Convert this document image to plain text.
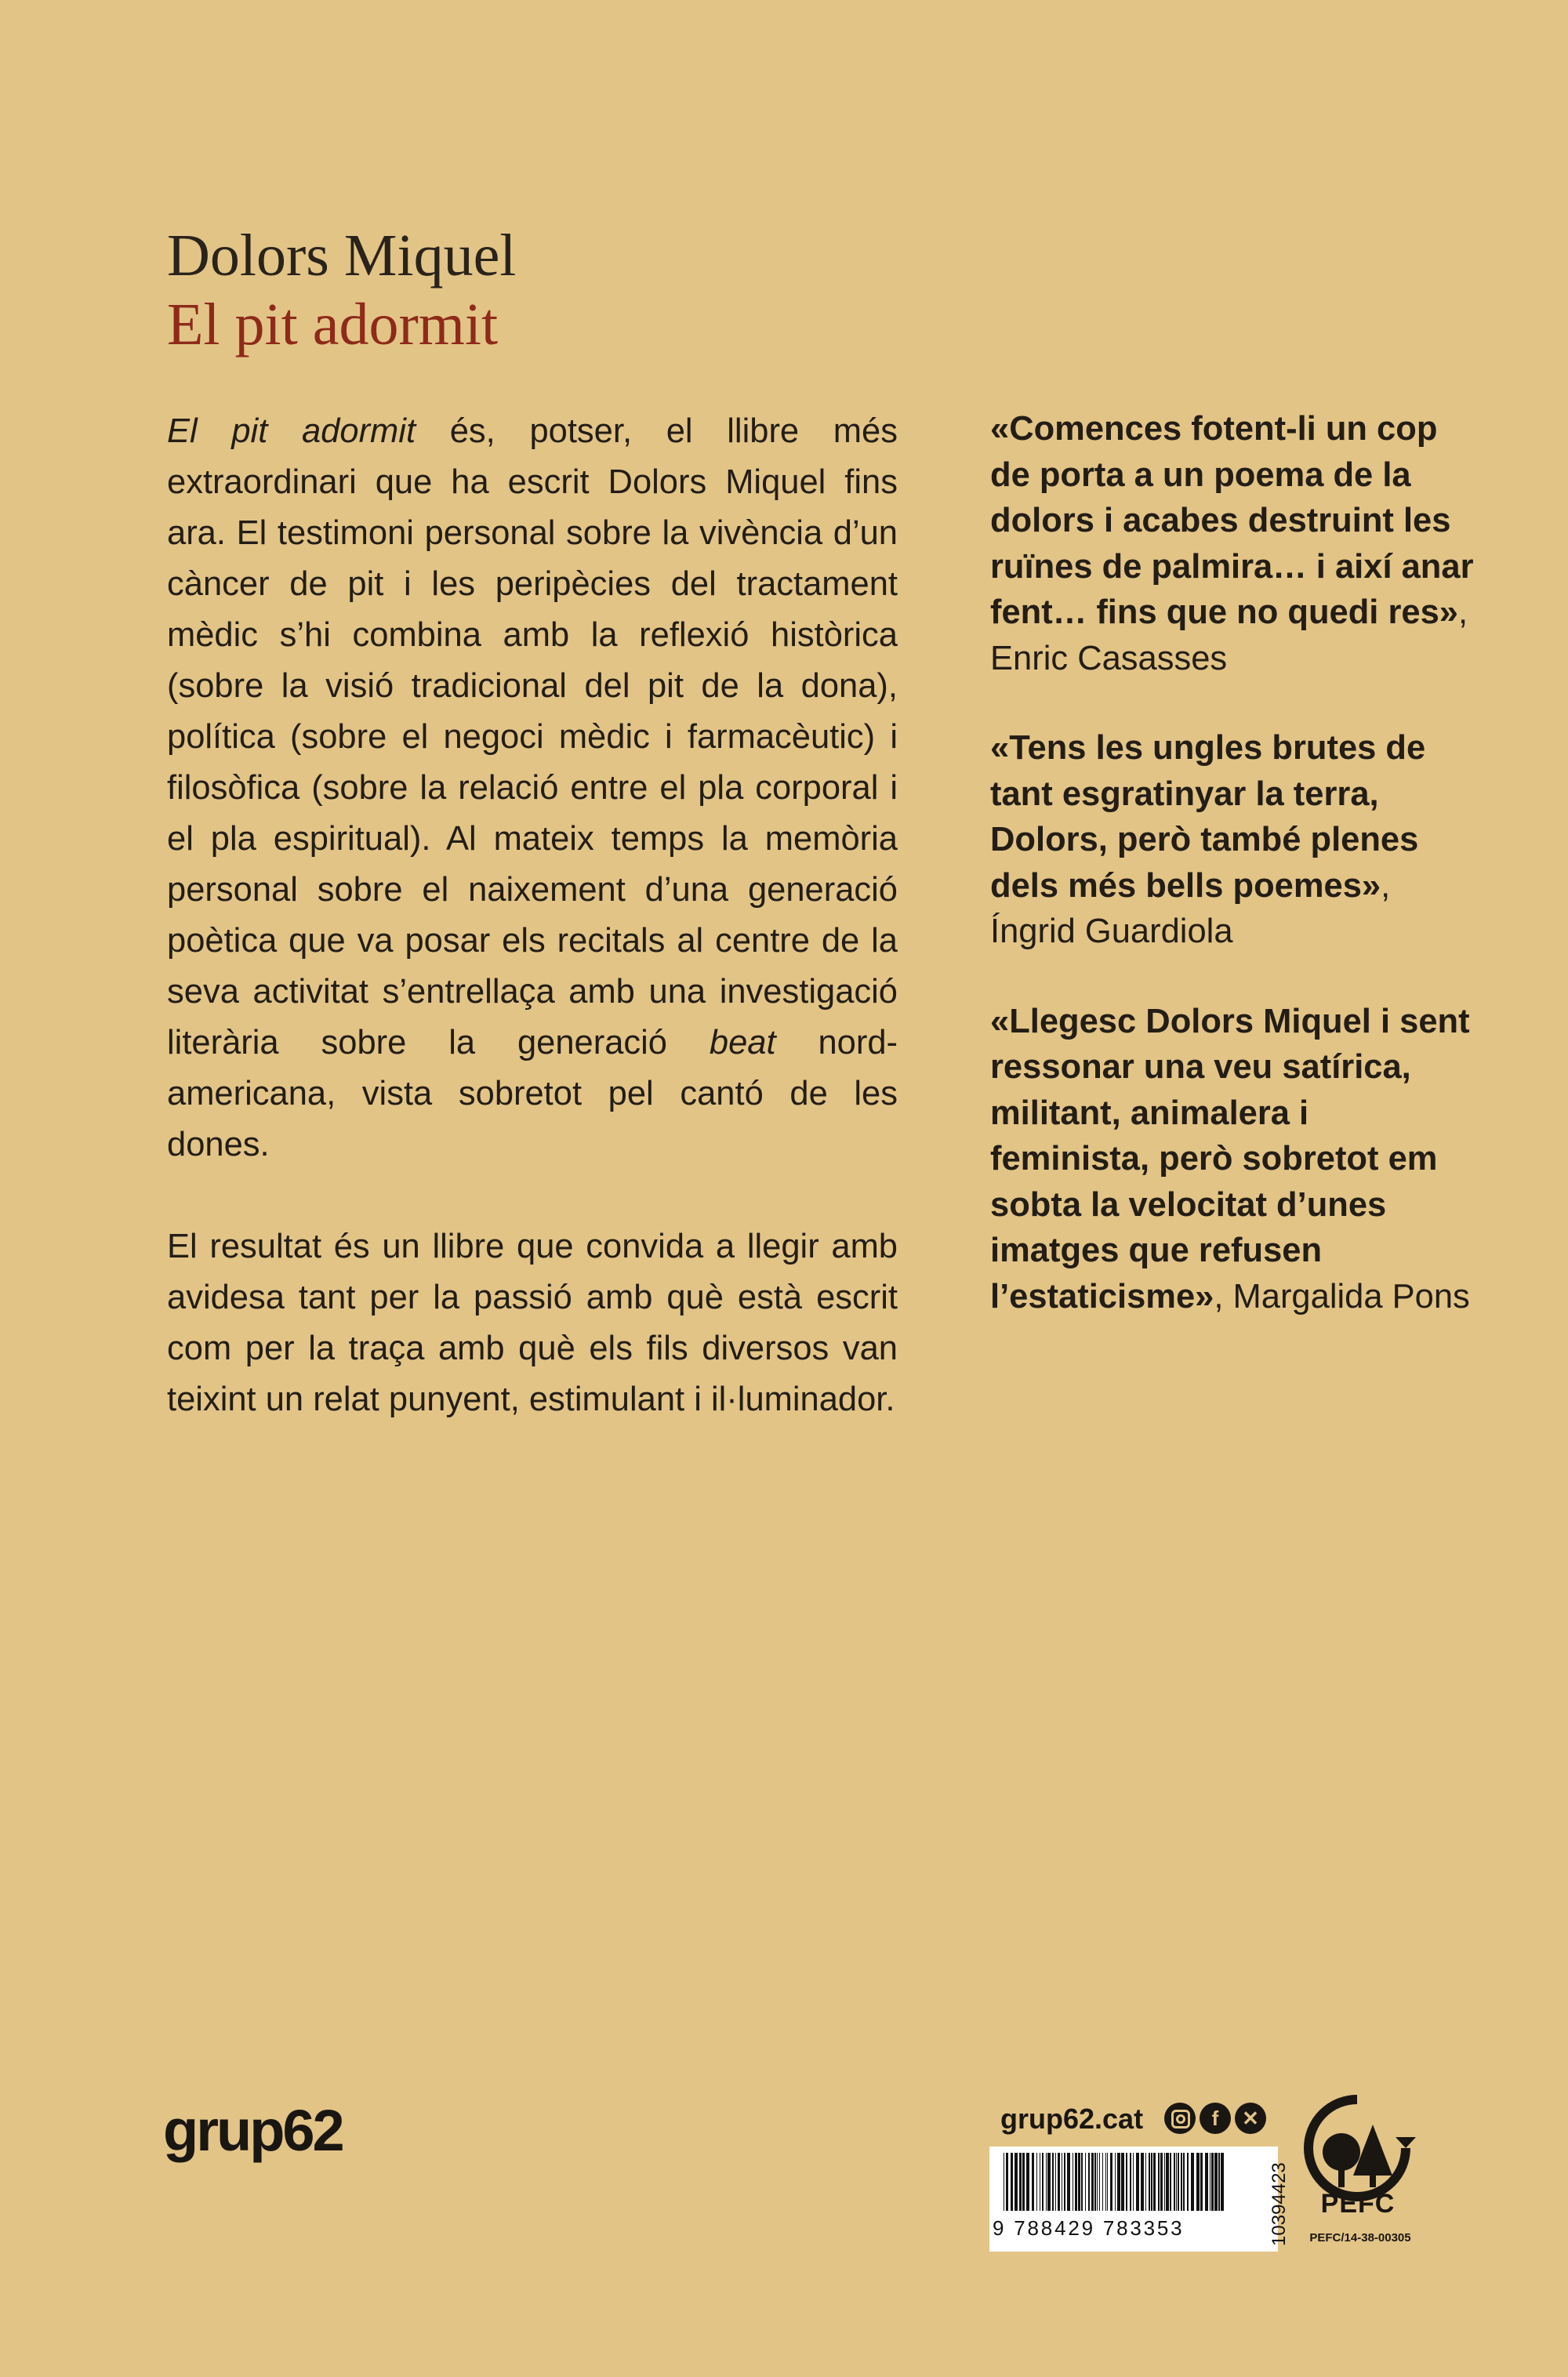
Dolors Miquel
El pit adormit

El pit adormit és, potser, el llibre més extraordinari que ha escrit Dolors Miquel fins ara. El testimoni personal sobre la vivència d’un càncer de pit i les peripècies del tractament mèdic s’hi combina amb la reflexió històrica (sobre la visió tradicional del pit de la dona), política (sobre el negoci mèdic i farmacèutic) i filosòfica (sobre la relació entre el pla corporal i el pla espiritual). Al mateix temps la memòria personal sobre el naixement d’una generació poètica que va posar els recitals al centre de la seva activitat s’entrellaça amb una investigació literària sobre la generació beat nord-americana, vista sobretot pel cantó de les dones.

El resultat és un llibre que convida a llegir amb avidesa tant per la passió amb què està escrit com per la traça amb què els fils diversos van teixint un relat punyent, estimulant i il·luminador.

«Comences fotent-li un cop de porta a un poema de la dolors i acabes destruint les ruïnes de palmira… i així anar fent… fins que no quedi res», Enric Casasses

«Tens les ungles brutes de tant esgratinyar la terra, Dolors, però també plenes dels més bells poemes», Íngrid Guardiola

«Llegesc Dolors Miquel i sent ressonar una veu satírica, militant, animalera i feminista, però sobretot em sobta la velocitat d’unes imatges que refusen l’estaticisme», Margalida Pons

grup62	grup62.cat	f	✕
9 788429 783353	10394423	PEFC
PEFC/14-38-00305
